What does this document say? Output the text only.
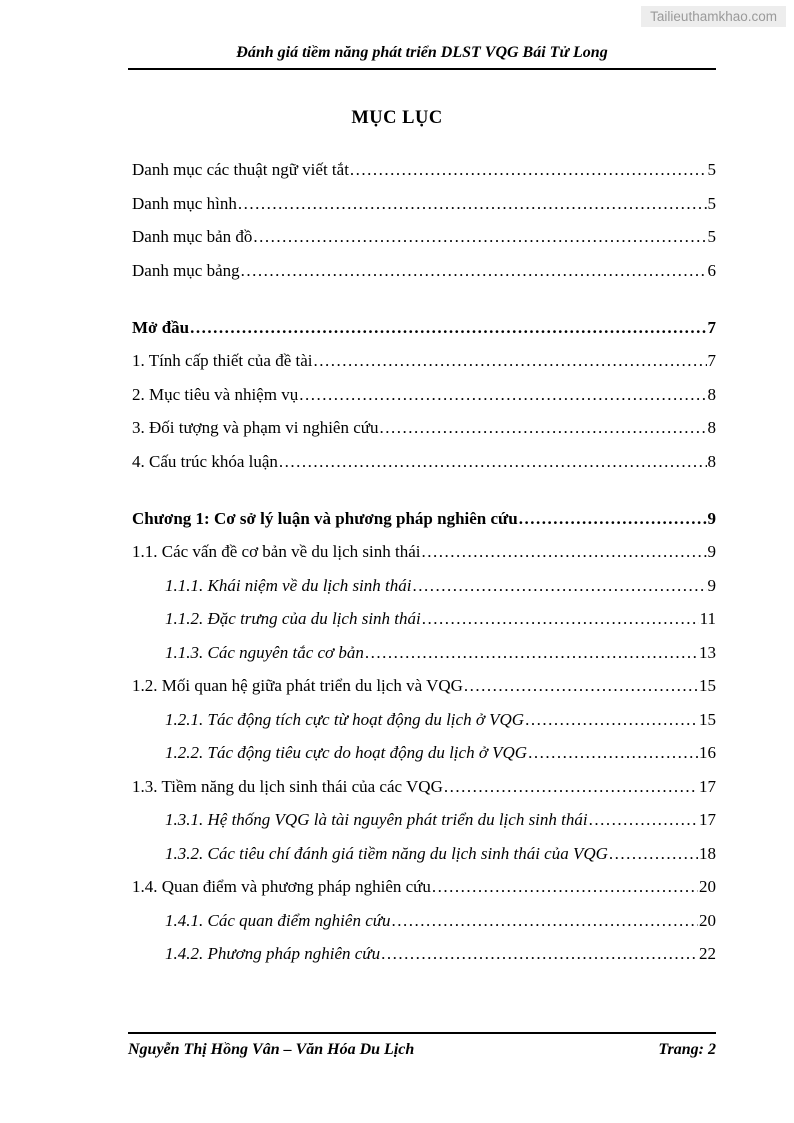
Tailieuthamkhao.com
Đánh giá tiềm năng phát triển DLST VQG Bái Tử Long
MỤC LỤC
Danh mục các thuật ngữ viết tắt .....	5
Danh mục hình .....	5
Danh mục bản đồ .....	5
Danh mục bảng .....	6
Mở đầu .....	7
1. Tính cấp thiết của đề tài .....	7
2. Mục tiêu và nhiệm vụ .....	8
3. Đối tượng và phạm vi nghiên cứu .....	8
4. Cấu trúc khóa luận .....	8
Chương 1: Cơ sở lý luận và phương pháp nghiên cứu .....	9
1.1. Các vấn đề cơ bản về du lịch sinh thái .....	9
1.1.1. Khái niệm về du lịch sinh thái .....	9
1.1.2. Đặc trưng của du lịch sinh thái .....	11
1.1.3. Các nguyên tắc cơ bản .....	13
1.2. Mối quan hệ giữa phát triển du lịch và VQG .....	15
1.2.1. Tác động tích cực từ hoạt động du lịch ở VQG .....	15
1.2.2. Tác động tiêu cực do hoạt động du lịch ở VQG .....	16
1.3. Tiềm năng du lịch sinh thái của các VQG .....	17
1.3.1. Hệ thống VQG là tài nguyên phát triển du lịch sinh thái .....	17
1.3.2. Các tiêu chí đánh giá tiềm năng du lịch sinh thái của VQG .....	18
1.4. Quan điểm và phương pháp nghiên cứu .....	20
1.4.1. Các quan điểm nghiên cứu .....	20
1.4.2. Phương pháp nghiên cứu .....	22
Nguyễn Thị Hồng Vân – Văn Hóa Du Lịch	Trang: 2
